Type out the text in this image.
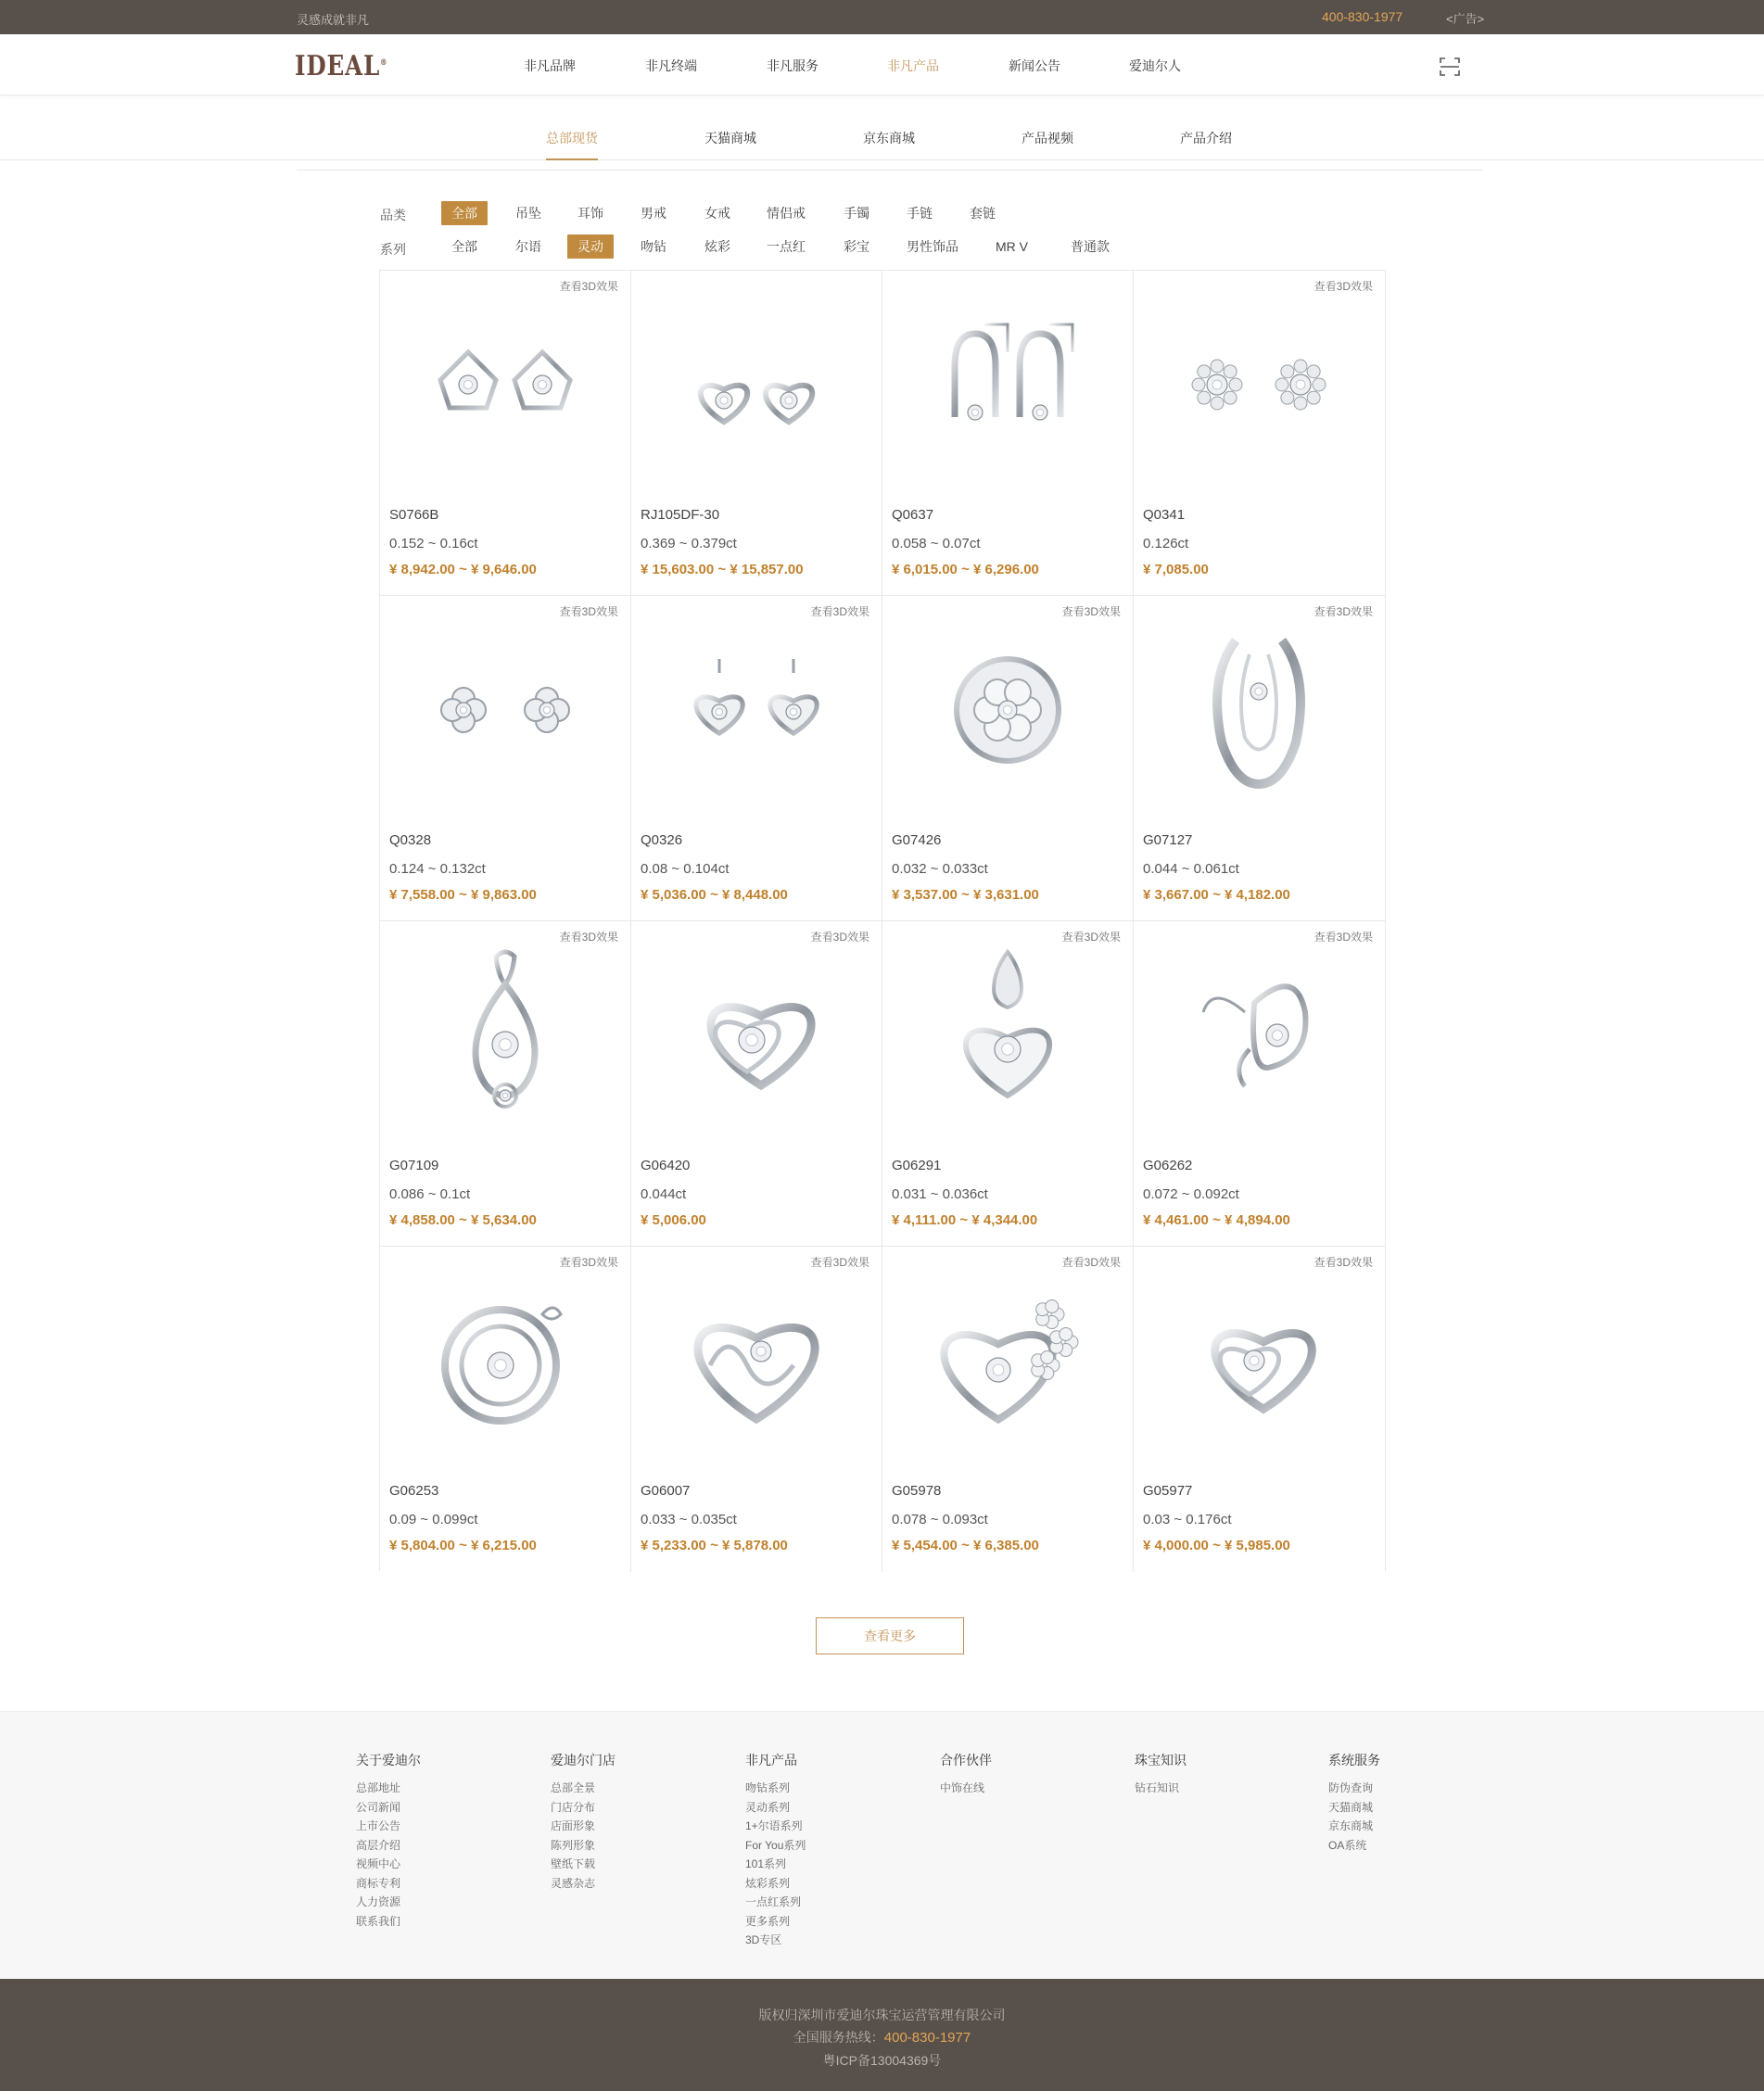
灵感成就非凡	400-830-1977	<广告>
IDEAL®	非凡品牌	非凡终端	非凡服务	非凡产品	新闻公告	爱迪尔人
总部现货	天猫商城	京东商城	产品视频	产品介绍
品类	全部	吊坠	耳饰	男戒	女戒	情侣戒	手镯	手链	套链
系列	全部	尔语	灵动	吻钻	炫彩	一点红	彩宝	男性饰品	MR V	普通款
查看3D效果
S0766B
0.152 ~ 0.16ct
¥ 8,942.00 ~ ¥ 9,646.00
RJ105DF-30
0.369 ~ 0.379ct
¥ 15,603.00 ~ ¥ 15,857.00
Q0637
0.058 ~ 0.07ct
¥ 6,015.00 ~ ¥ 6,296.00
查看3D效果
Q0341
0.126ct
¥ 7,085.00
查看3D效果
Q0328
0.124 ~ 0.132ct
¥ 7,558.00 ~ ¥ 9,863.00
查看3D效果
Q0326
0.08 ~ 0.104ct
¥ 5,036.00 ~ ¥ 8,448.00
查看3D效果
G07426
0.032 ~ 0.033ct
¥ 3,537.00 ~ ¥ 3,631.00
查看3D效果
G07127
0.044 ~ 0.061ct
¥ 3,667.00 ~ ¥ 4,182.00
查看3D效果
G07109
0.086 ~ 0.1ct
¥ 4,858.00 ~ ¥ 5,634.00
查看3D效果
G06420
0.044ct
¥ 5,006.00
查看3D效果
G06291
0.031 ~ 0.036ct
¥ 4,111.00 ~ ¥ 4,344.00
查看3D效果
G06262
0.072 ~ 0.092ct
¥ 4,461.00 ~ ¥ 4,894.00
查看3D效果
G06253
0.09 ~ 0.099ct
¥ 5,804.00 ~ ¥ 6,215.00
查看3D效果
G06007
0.033 ~ 0.035ct
¥ 5,233.00 ~ ¥ 5,878.00
查看3D效果
G05978
0.078 ~ 0.093ct
¥ 5,454.00 ~ ¥ 6,385.00
查看3D效果
G05977
0.03 ~ 0.176ct
¥ 4,000.00 ~ ¥ 5,985.00
查看更多
关于爱迪尔
总部地址
公司新闻
上市公告
高层介绍
视频中心
商标专利
人力资源
联系我们
爱迪尔门店
总部全景
门店分布
店面形象
陈列形象
壁纸下载
灵感杂志
非凡产品
吻钻系列
灵动系列
1+尔语系列
For You系列
101系列
炫彩系列
一点红系列
更多系列
3D专区
合作伙伴
中饰在线
珠宝知识
钻石知识
系统服务
防伪查询
天猫商城
京东商城
OA系统
版权归深圳市爱迪尔珠宝运营管理有限公司
全国服务热线：400-830-1977
粤ICP备13004369号
